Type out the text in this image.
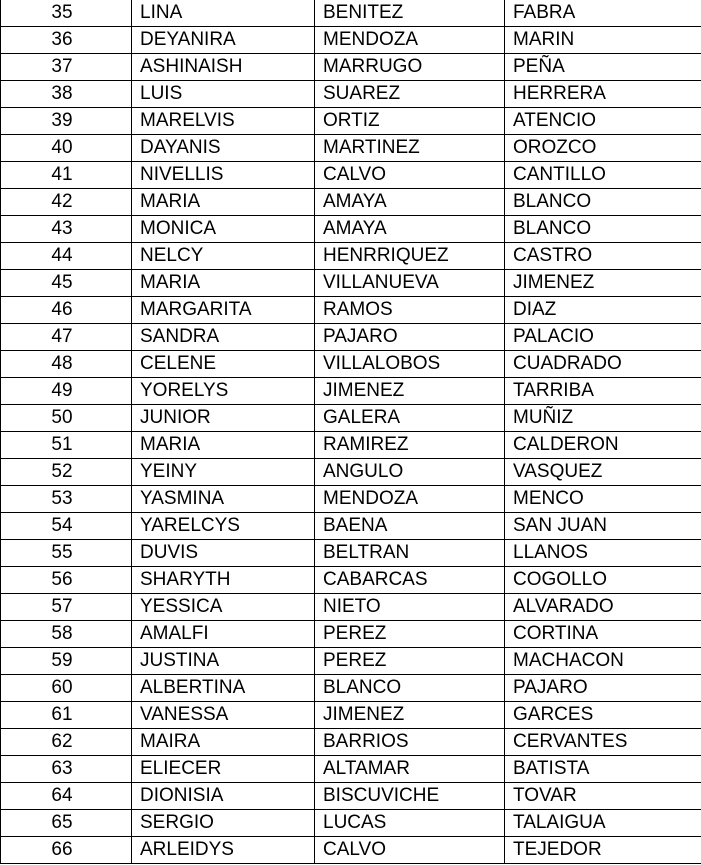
35	LINA	BENITEZ	FABRA
36	DEYANIRA	MENDOZA	MARIN
37	ASHINAISH	MARRUGO	PEÑA
38	LUIS	SUAREZ	HERRERA
39	MARELVIS	ORTIZ	ATENCIO
40	DAYANIS	MARTINEZ	OROZCO
41	NIVELLIS	CALVO	CANTILLO
42	MARIA	AMAYA	BLANCO
43	MONICA	AMAYA	BLANCO
44	NELCY	HENRRIQUEZ	CASTRO
45	MARIA	VILLANUEVA	JIMENEZ
46	MARGARITA	RAMOS	DIAZ
47	SANDRA	PAJARO	PALACIO
48	CELENE	VILLALOBOS	CUADRADO
49	YORELYS	JIMENEZ	TARRIBA
50	JUNIOR	GALERA	MUÑIZ
51	MARIA	RAMIREZ	CALDERON
52	YEINY	ANGULO	VASQUEZ
53	YASMINA	MENDOZA	MENCO
54	YARELCYS	BAENA	SAN JUAN
55	DUVIS	BELTRAN	LLANOS
56	SHARYTH	CABARCAS	COGOLLO
57	YESSICA	NIETO	ALVARADO
58	AMALFI	PEREZ	CORTINA
59	JUSTINA	PEREZ	MACHACON
60	ALBERTINA	BLANCO	PAJARO
61	VANESSA	JIMENEZ	GARCES
62	MAIRA	BARRIOS	CERVANTES
63	ELIECER	ALTAMAR	BATISTA
64	DIONISIA	BISCUVICHE	TOVAR
65	SERGIO	LUCAS	TALAIGUA
66	ARLEIDYS	CALVO	TEJEDOR
